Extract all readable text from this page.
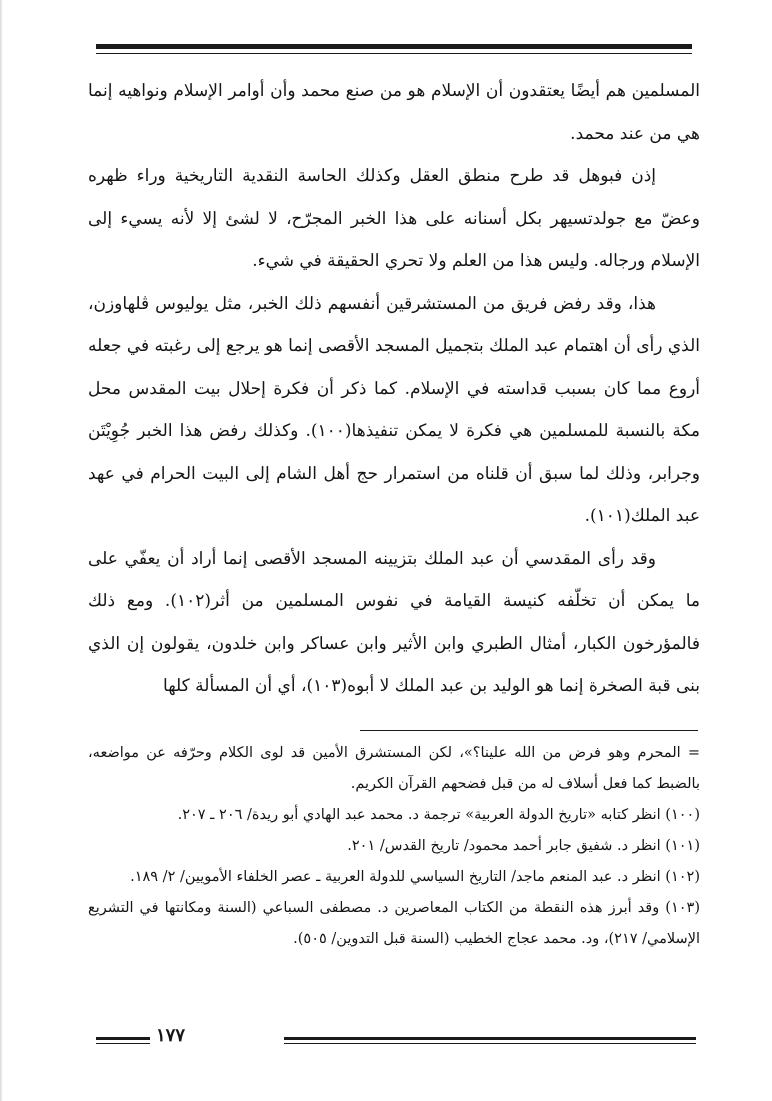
المسلمين هم أيضًا يعتقدون أن الإسلام هو من صنع محمد وأن أوامر الإسلام ونواهيه إنما هي من عند محمد.

إذن فبوهل قد طرح منطق العقل وكذلك الحاسة النقدية التاريخية وراء ظهره وعضّ مع جولدتسيهر بكل أسنانه على هذا الخبر المجرّح، لا لشئ إلا لأنه يسيء إلى الإسلام ورجاله. وليس هذا من العلم ولا تحري الحقيقة في شيء.

هذا، وقد رفض فريق من المستشرقين أنفسهم ذلك الخبر، مثل يوليوس ڤلهاوزن، الذي رأى أن اهتمام عبد الملك بتجميل المسجد الأقصى إنما هو يرجع إلى رغبته في جعله أروع مما كان بسبب قداسته في الإسلام. كما ذكر أن فكرة إحلال بيت المقدس محل مكة بالنسبة للمسلمين هي فكرة لا يمكن تنفيذها(١٠٠). وكذلك رفض هذا الخبر جُوِيْتَن وجرابر، وذلك لما سبق أن قلناه من استمرار حج أهل الشام إلى البيت الحرام في عهد عبد الملك(١٠١).

وقد رأى المقدسي أن عبد الملك بتزيينه المسجد الأقصى إنما أراد أن يعفّي على ما يمكن أن تخلّفه كنيسة القيامة في نفوس المسلمين من أثر(١٠٢). ومع ذلك فالمؤرخون الكبار، أمثال الطبري وابن الأثير وابن عساكر وابن خلدون، يقولون إن الذي بنى قبة الصخرة إنما هو الوليد بن عبد الملك لا أبوه(١٠٣)، أي أن المسألة كلها

= المحرم وهو فرض من الله علينا؟»، لكن المستشرق الأمين قد لوى الكلام وحرّفه عن مواضعه، بالضبط كما فعل أسلاف له من قبل فضحهم القرآن الكريم.

(١٠٠) انظر كتابه «تاريخ الدولة العربية» ترجمة د. محمد عبد الهادي أبو ريدة/ ٢٠٦ ـ ٢٠٧.

(١٠١) انظر د. شفيق جابر أحمد محمود/ تاريخ القدس/ ٢٠١.

(١٠٢) انظر د. عبد المنعم ماجد/ التاريخ السياسي للدولة العربية ـ عصر الخلفاء الأمويين/ ٢/ ١٨٩.

(١٠٣) وقد أبرز هذه النقطة من الكتاب المعاصرين د. مصطفى السباعي (السنة ومكانتها في التشريع الإسلامي/ ٢١٧)، ود. محمد عجاج الخطيب (السنة قبل التدوين/ ٥٠٥).

١٧٧
